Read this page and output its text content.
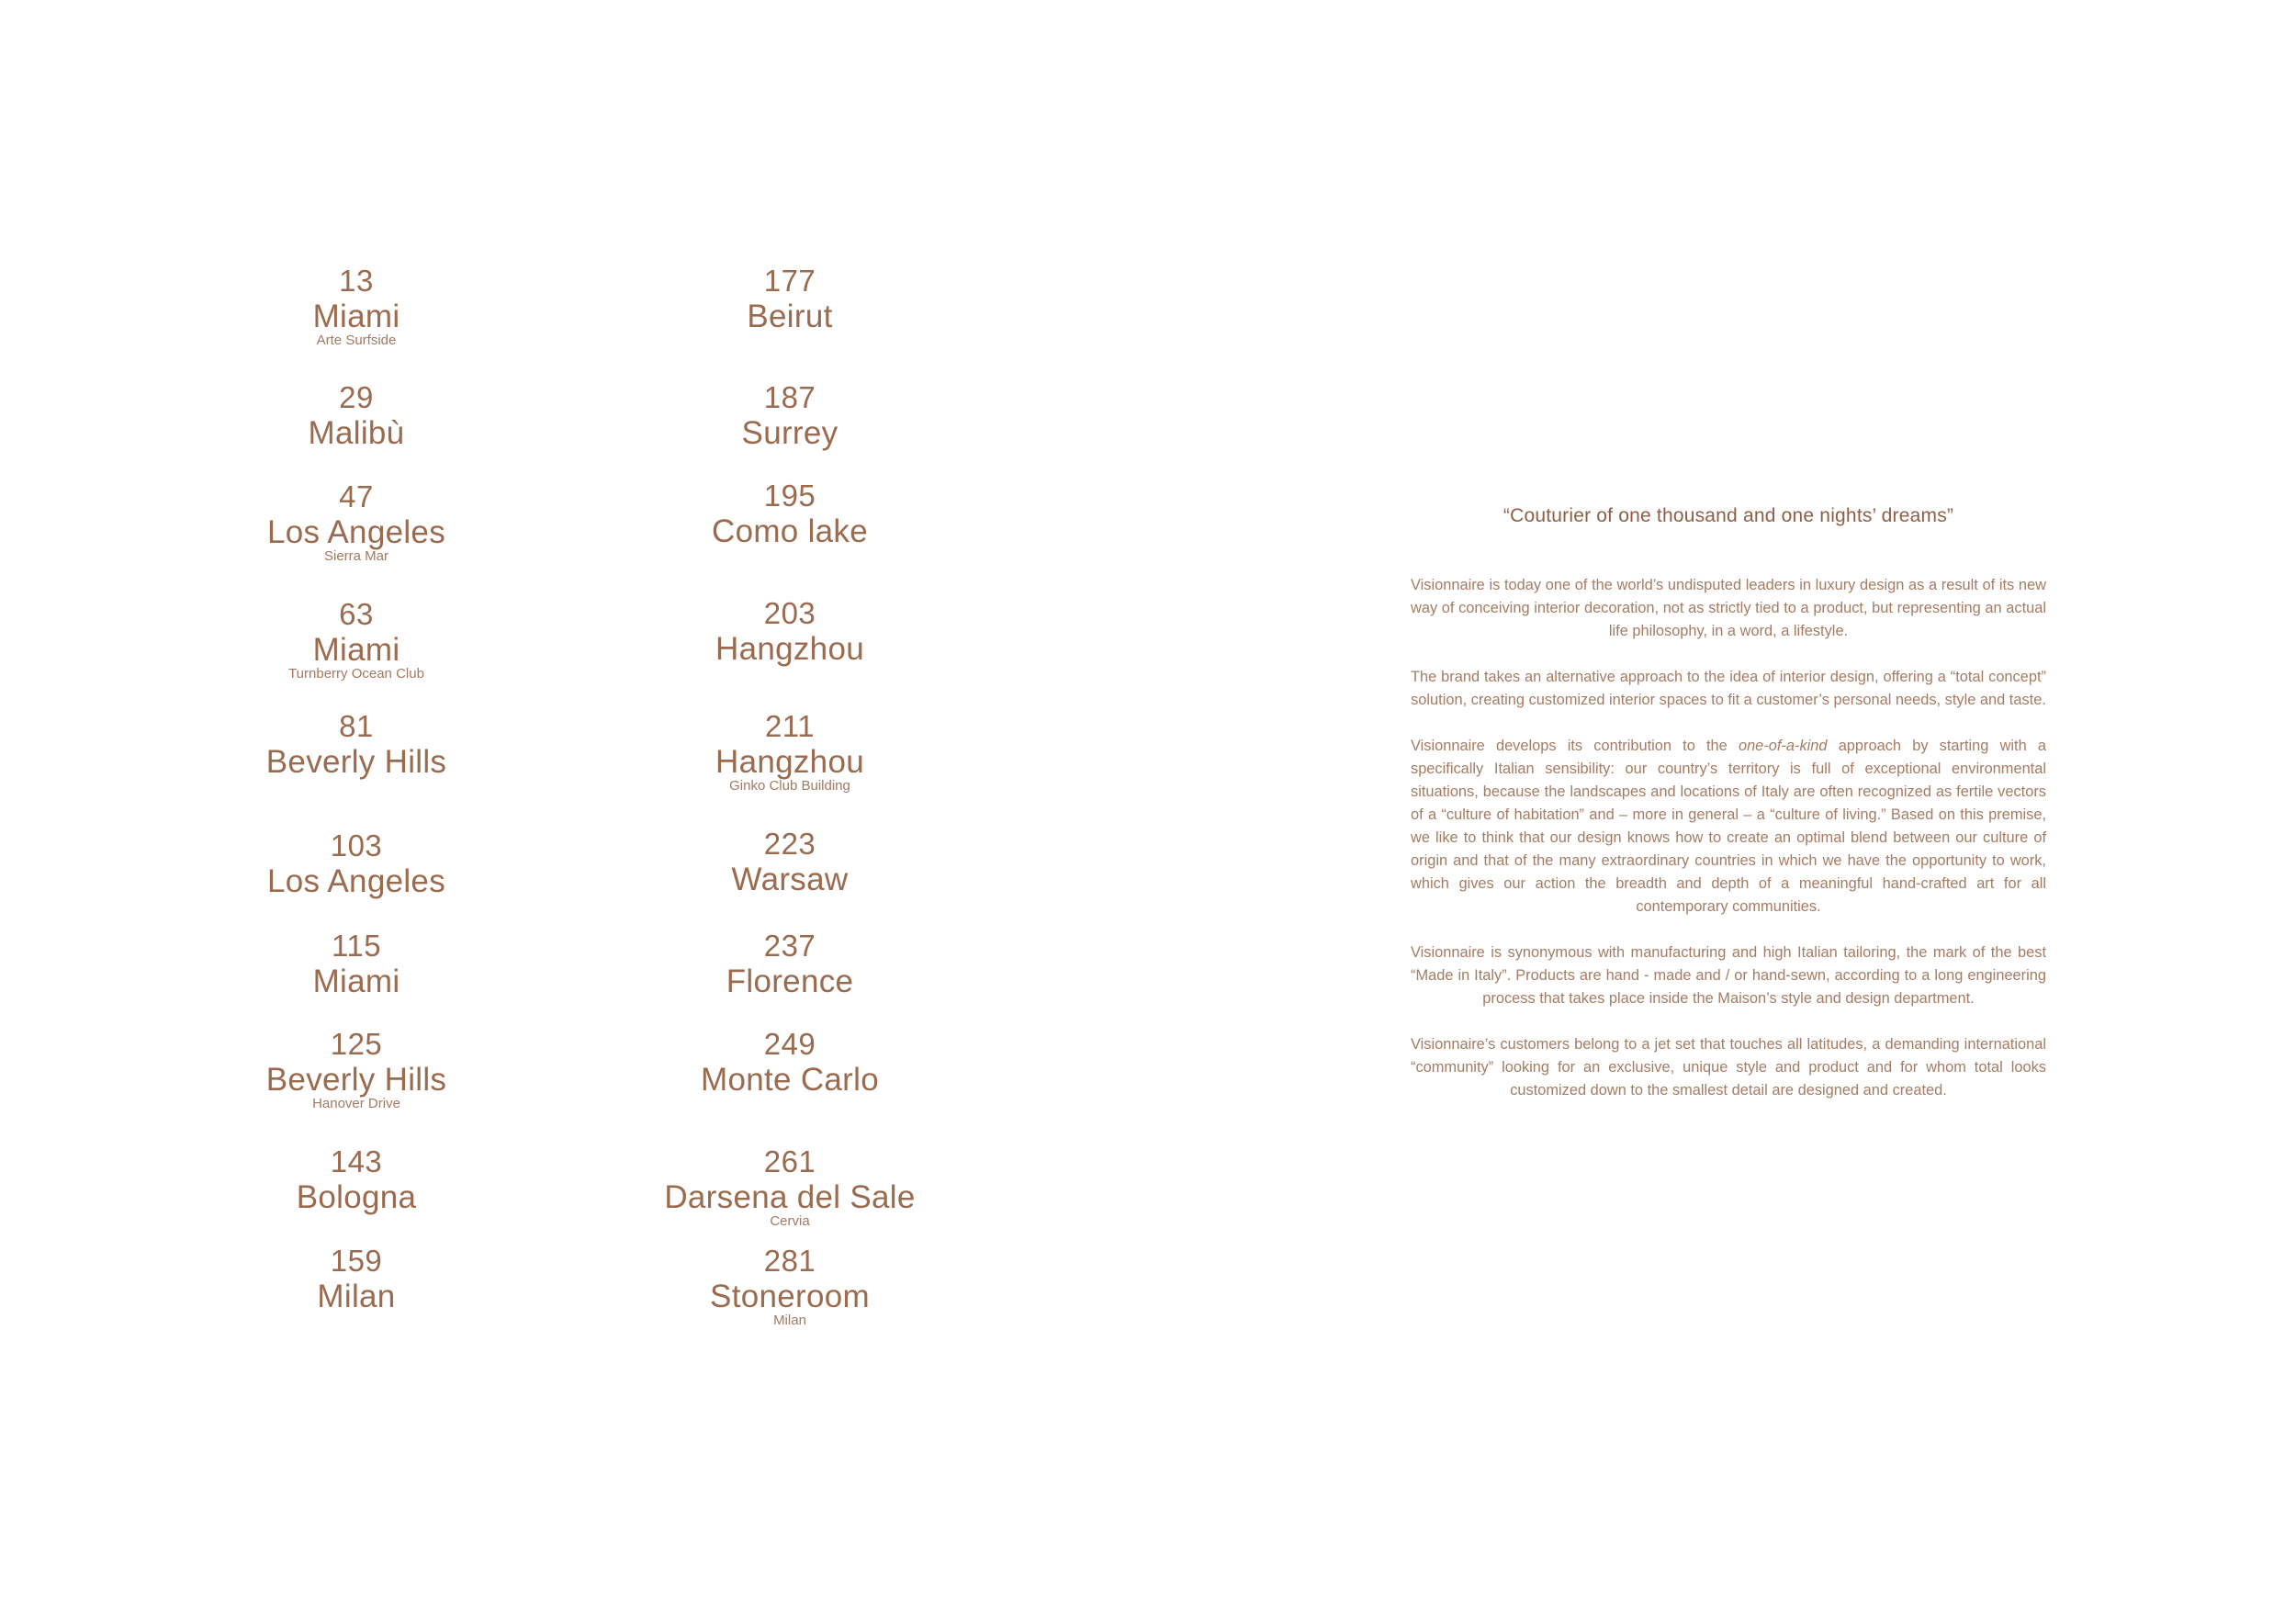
13
Miami
Arte Surfside
29
Malibù
47
Los Angeles
Sierra Mar
63
Miami
Turnberry Ocean Club
81
Beverly Hills
103
Los Angeles
115
Miami
125
Beverly Hills
Hanover Drive
143
Bologna
159
Milan
177
Beirut
187
Surrey
195
Como lake
203
Hangzhou
211
Hangzhou
Ginko Club Building
223
Warsaw
237
Florence
249
Monte Carlo
261
Darsena del Sale
Cervia
281
Stoneroom
Milan

“Couturier of one thousand and one nights’ dreams”

Visionnaire is today one of the world’s undisputed leaders in luxury design as a result of its new way of conceiving interior decoration, not as strictly tied to a product, but representing an actual life philosophy, in a word, a lifestyle.

The brand takes an alternative approach to the idea of interior design, offering a “total concept” solution, creating customized interior spaces to fit a customer’s personal needs, style and taste.

Visionnaire develops its contribution to the one-of-a-kind approach by starting with a specifically Italian sensibility: our country’s territory is full of exceptional environmental situations, because the landscapes and locations of Italy are often recognized as fertile vectors of a “culture of habitation” and – more in general – a “culture of living.” Based on this premise, we like to think that our design knows how to create an optimal blend between our culture of origin and that of the many extraordinary countries in which we have the opportunity to work, which gives our action the breadth and depth of a meaningful hand-crafted art for all contemporary communities.

Visionnaire is synonymous with manufacturing and high Italian tailoring, the mark of the best “Made in Italy”. Products are hand - made and / or hand-sewn, according to a long engineering process that takes place inside the Maison’s style and design department.

Visionnaire’s customers belong to a jet set that touches all latitudes, a demanding international “community” looking for an exclusive, unique style and product and for whom total looks customized down to the smallest detail are designed and created.
